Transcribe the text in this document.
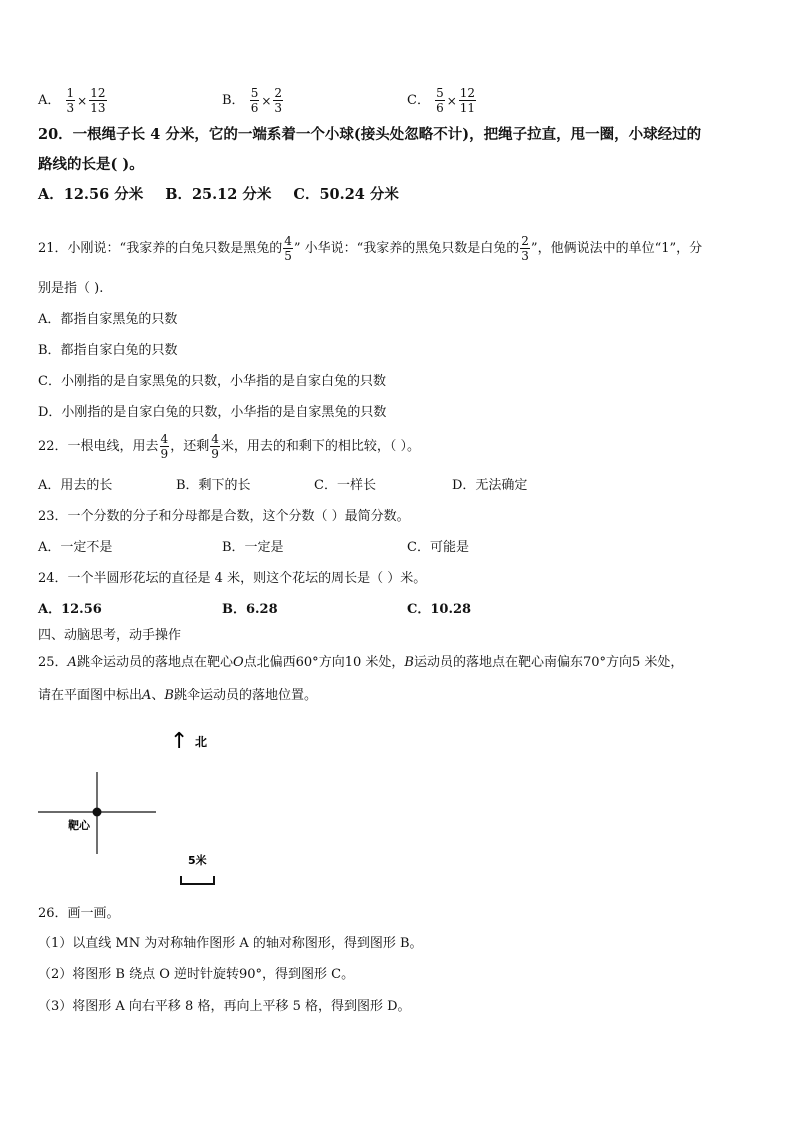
A． $\frac{1}{3} \times \frac{12}{13}$	B． $\frac{5}{6} \times \frac{2}{3}$	C． $\frac{5}{6} \times \frac{12}{11}$
20．一根绳子长 4 分米，它的一端系着一个小球(接头处忽略不计)，把绳子拉直，甩一圈，小球经过的
路线的长是( )。
A．12.56 分米 B．25.12 分米 C．50.24 分米
21．小刚说：“我家养的白兔只数是黑兔的 $\frac{4}{5}$ ” 小华说：“我家养的黑兔只数是白兔的 $\frac{2}{3}$ ”，他俩说法中的单位“1”，分
别是指（ ).
A．都指自家黑兔的只数
B．都指自家白兔的只数
C．小刚指的是自家黑兔的只数，小华指的是自家白兔的只数
D．小刚指的是自家白兔的只数，小华指的是自家黑兔的只数
22．一根电线，用去 $\frac{4}{9}$ ，还剩 $\frac{4}{9}$ 米，用去的和剩下的相比较，（ ）。
A．用去的长	B．剩下的长	C．一样长	D．无法确定
23．一个分数的分子和分母都是合数，这个分数（ ）最简分数。
A．一定不是	B．一定是	C．可能是
24．一个半圆形花坛的直径是 4 米，则这个花坛的周长是（ ）米。
A．12.56	B．6.28	C．10.28
四、动脑思考，动手操作
25．A跳伞运动员的落地点在靶心O点北偏西60°方向10 米处，B运动员的落地点在靶心南偏东70°方向5 米处，
请在平面图中标出A、B跳伞运动员的落地位置。
↑ 北
靶心
5米
26．画一画。
（1）以直线 MN 为对称轴作图形 A 的轴对称图形，得到图形 B。
（2）将图形 B 绕点 O 逆时针旋转90°，得到图形 C。
（3）将图形 A 向右平移 8 格，再向上平移 5 格，得到图形 D。
